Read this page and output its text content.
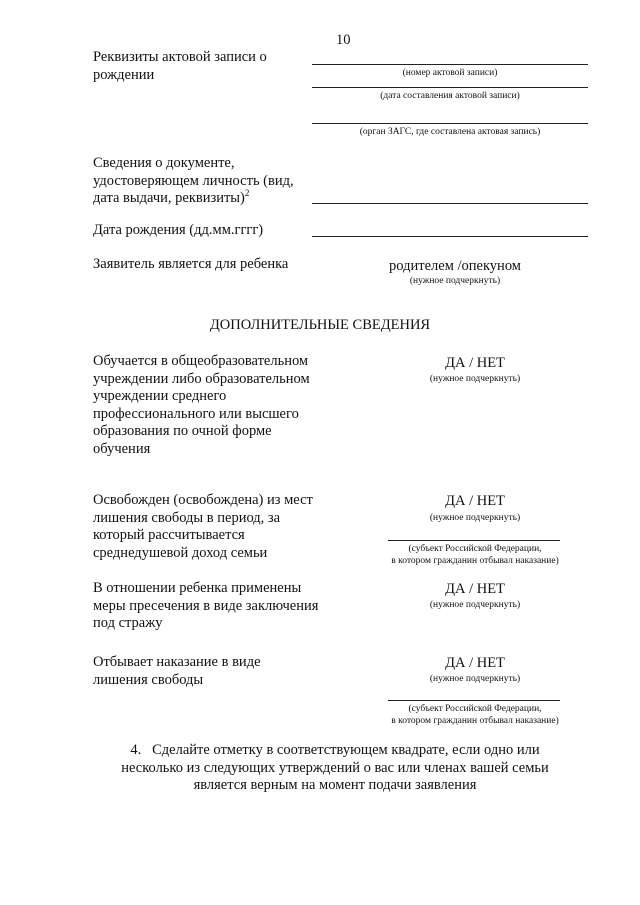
10
Реквизиты актовой записи о рождении	(номер актовой записи)
(дата составления актовой записи)
(орган ЗАГС, где составлена актовая запись)
Сведения о документе, удостоверяющем личность (вид, дата выдачи, реквизиты)$^2$
Дата рождения (дд.мм.гггг)
Заявитель является для ребенка	родителем /опекуном
(нужное подчеркнуть)
ДОПОЛНИТЕЛЬНЫЕ СВЕДЕНИЯ
Обучается в общеобразовательном учреждении либо образовательном учреждении среднего профессионального или высшего образования по очной форме обучения
ДА / НЕТ
(нужное подчеркнуть)
Освобожден (освобождена) из мест лишения свободы в период, за который рассчитывается среднедушевой доход семьи
ДА / НЕТ
(нужное подчеркнуть)
(субъект Российской Федерации,
в котором гражданин отбывал наказание)
В отношении ребенка применены меры пресечения в виде заключения под стражу
ДА / НЕТ
(нужное подчеркнуть)
Отбывает наказание в виде лишения свободы
ДА / НЕТ
(нужное подчеркнуть)
(субъект Российской Федерации,
в котором гражданин отбывал наказание)
4. Сделайте отметку в соответствующем квадрате, если одно или несколько из следующих утверждений о вас или членах вашей семьи является верным на момент подачи заявления
